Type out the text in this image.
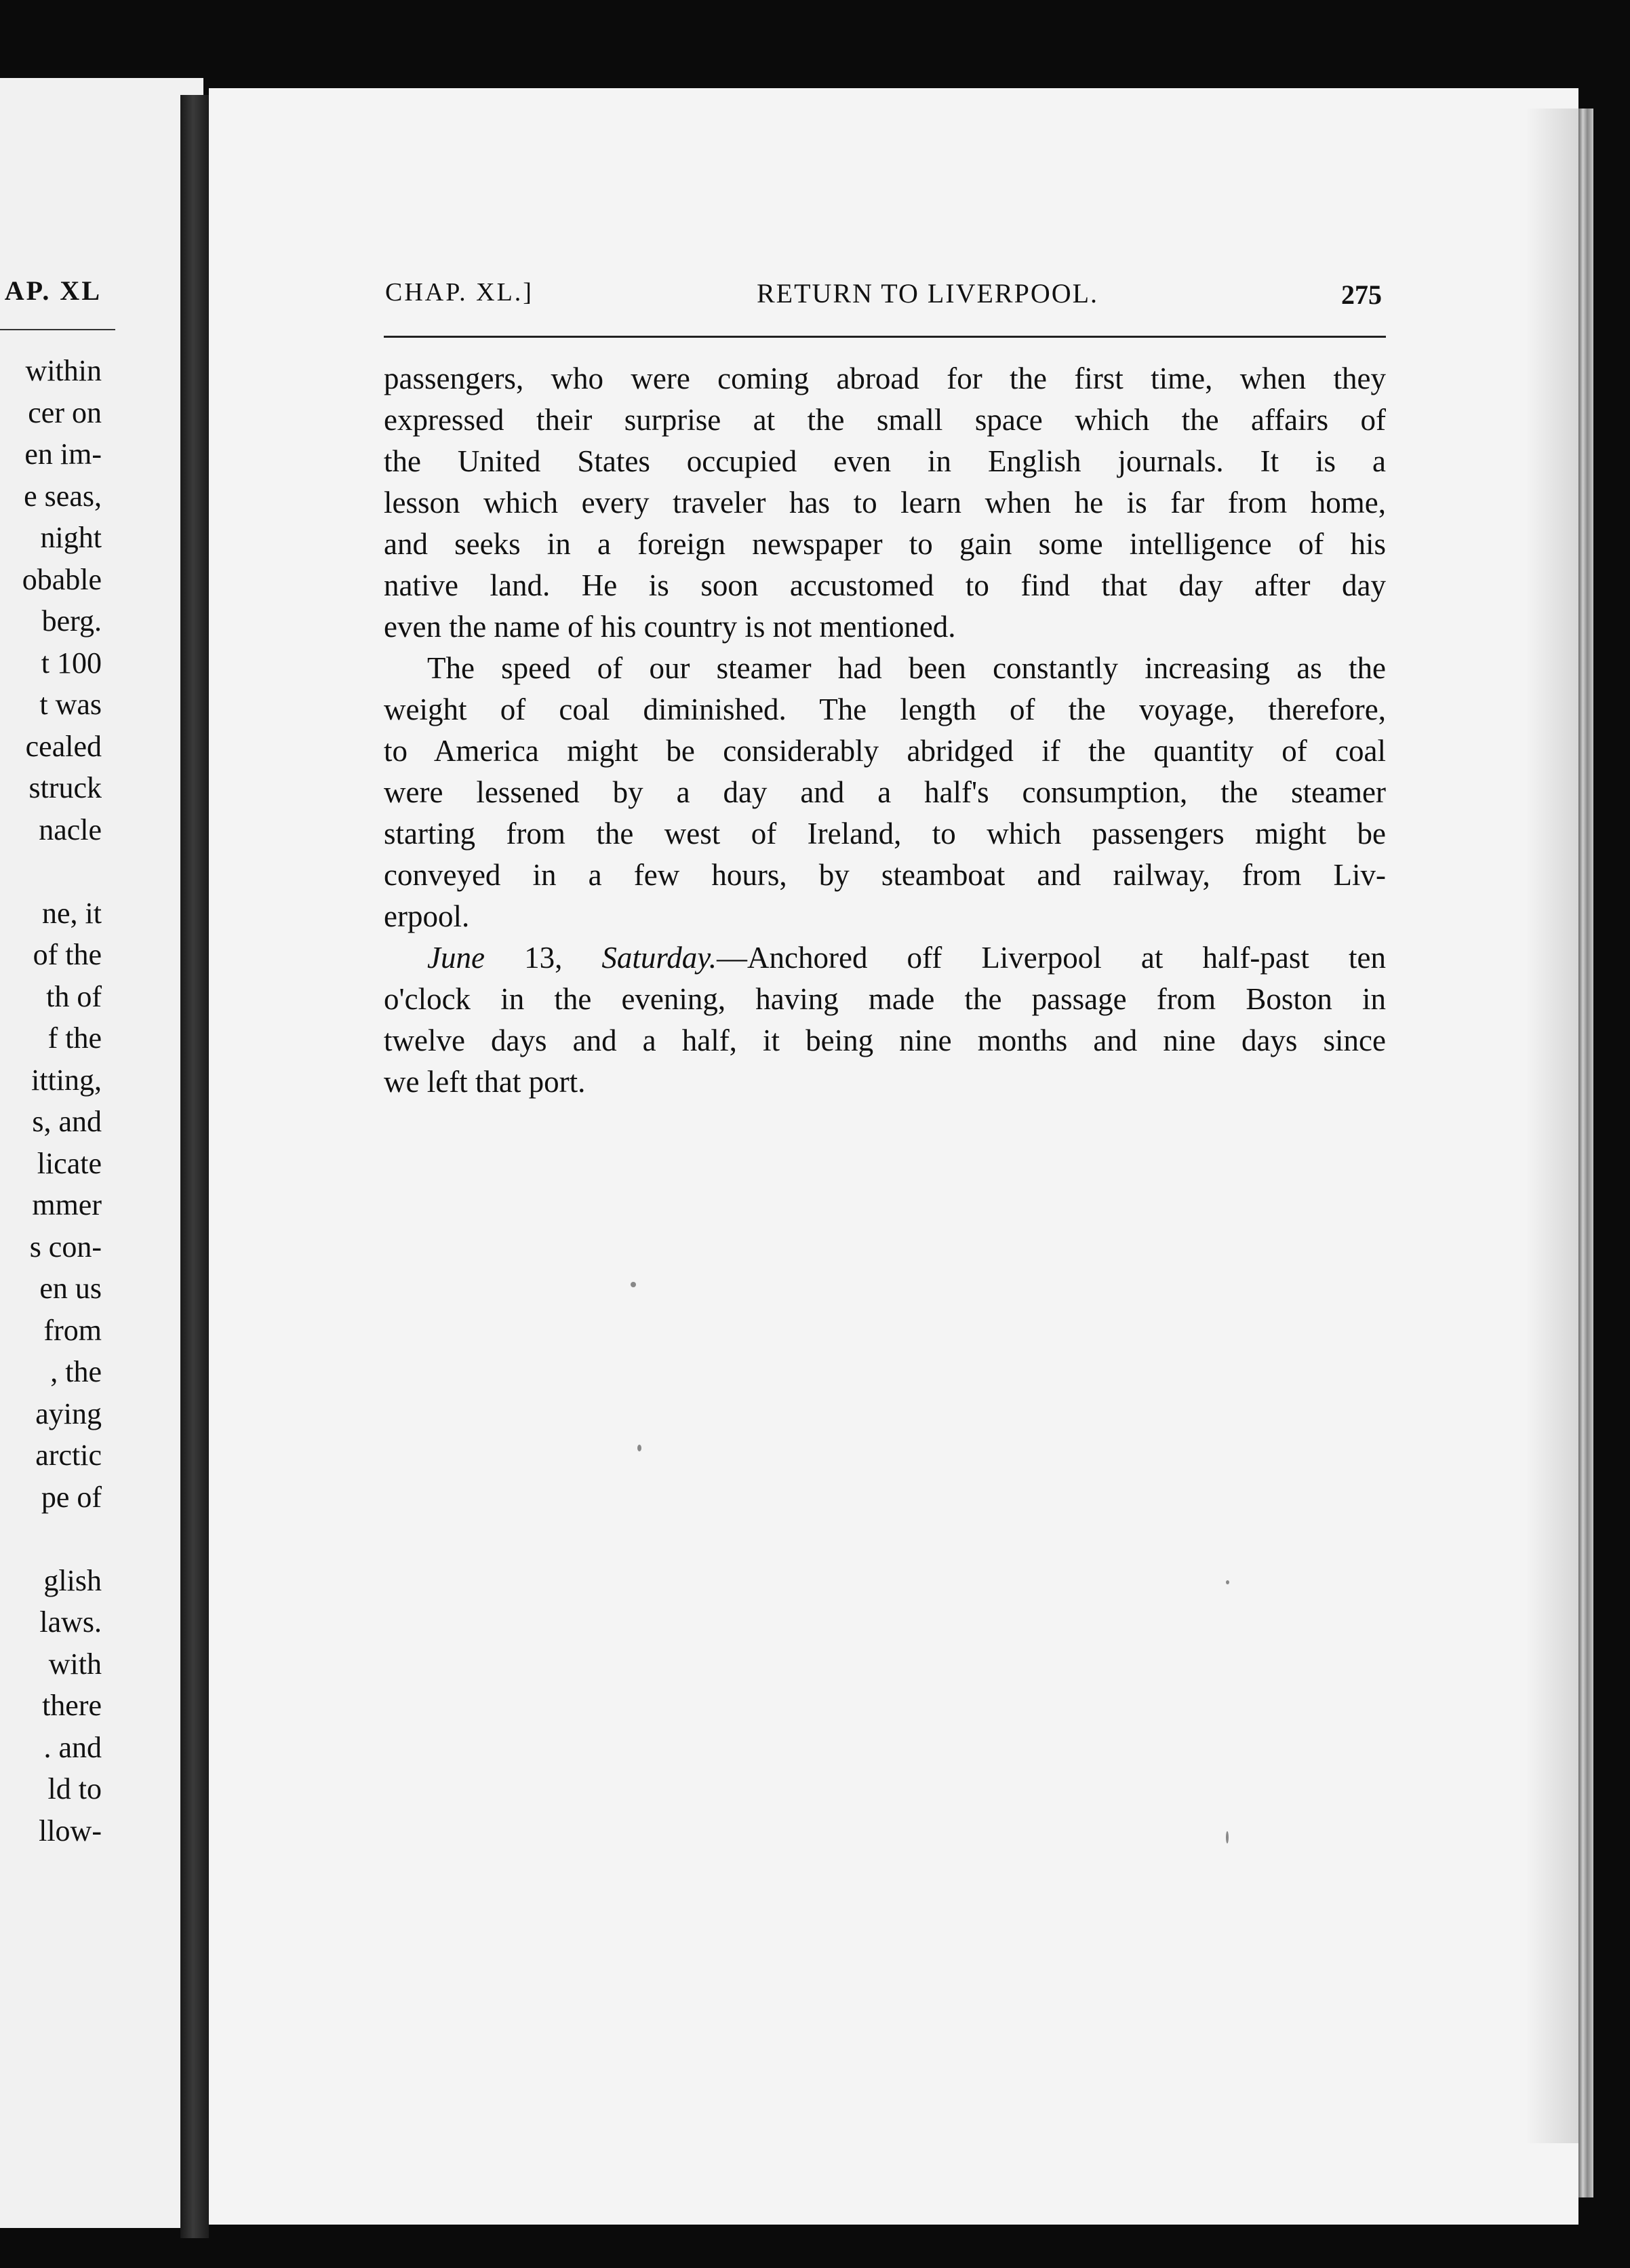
AP. XL
within
cer on
en im-
e seas,
night
obable
berg.
t 100
t was
cealed
struck
nacle
ne, it
of the
th of
f the
itting,
s, and
licate
mmer
s con-
en us
from
, the
aying
arctic
pe of
glish
laws.
with
there
. and
ld to
llow-
CHAP. XL.]	RETURN TO LIVERPOOL.	275
passengers, who were coming abroad for the first time, when they
expressed their surprise at the small space which the affairs of
the United States occupied even in English journals. It is a
lesson which every traveler has to learn when he is far from home,
and seeks in a foreign newspaper to gain some intelligence of his
native land. He is soon accustomed to find that day after day
even the name of his country is not mentioned.
The speed of our steamer had been constantly increasing as the
weight of coal diminished. The length of the voyage, therefore,
to America might be considerably abridged if the quantity of coal
were lessened by a day and a half's consumption, the steamer
starting from the west of Ireland, to which passengers might be
conveyed in a few hours, by steamboat and railway, from Liv-
erpool.
June 13, Saturday.—Anchored off Liverpool at half-past ten
o'clock in the evening, having made the passage from Boston in
twelve days and a half, it being nine months and nine days since
we left that port.
